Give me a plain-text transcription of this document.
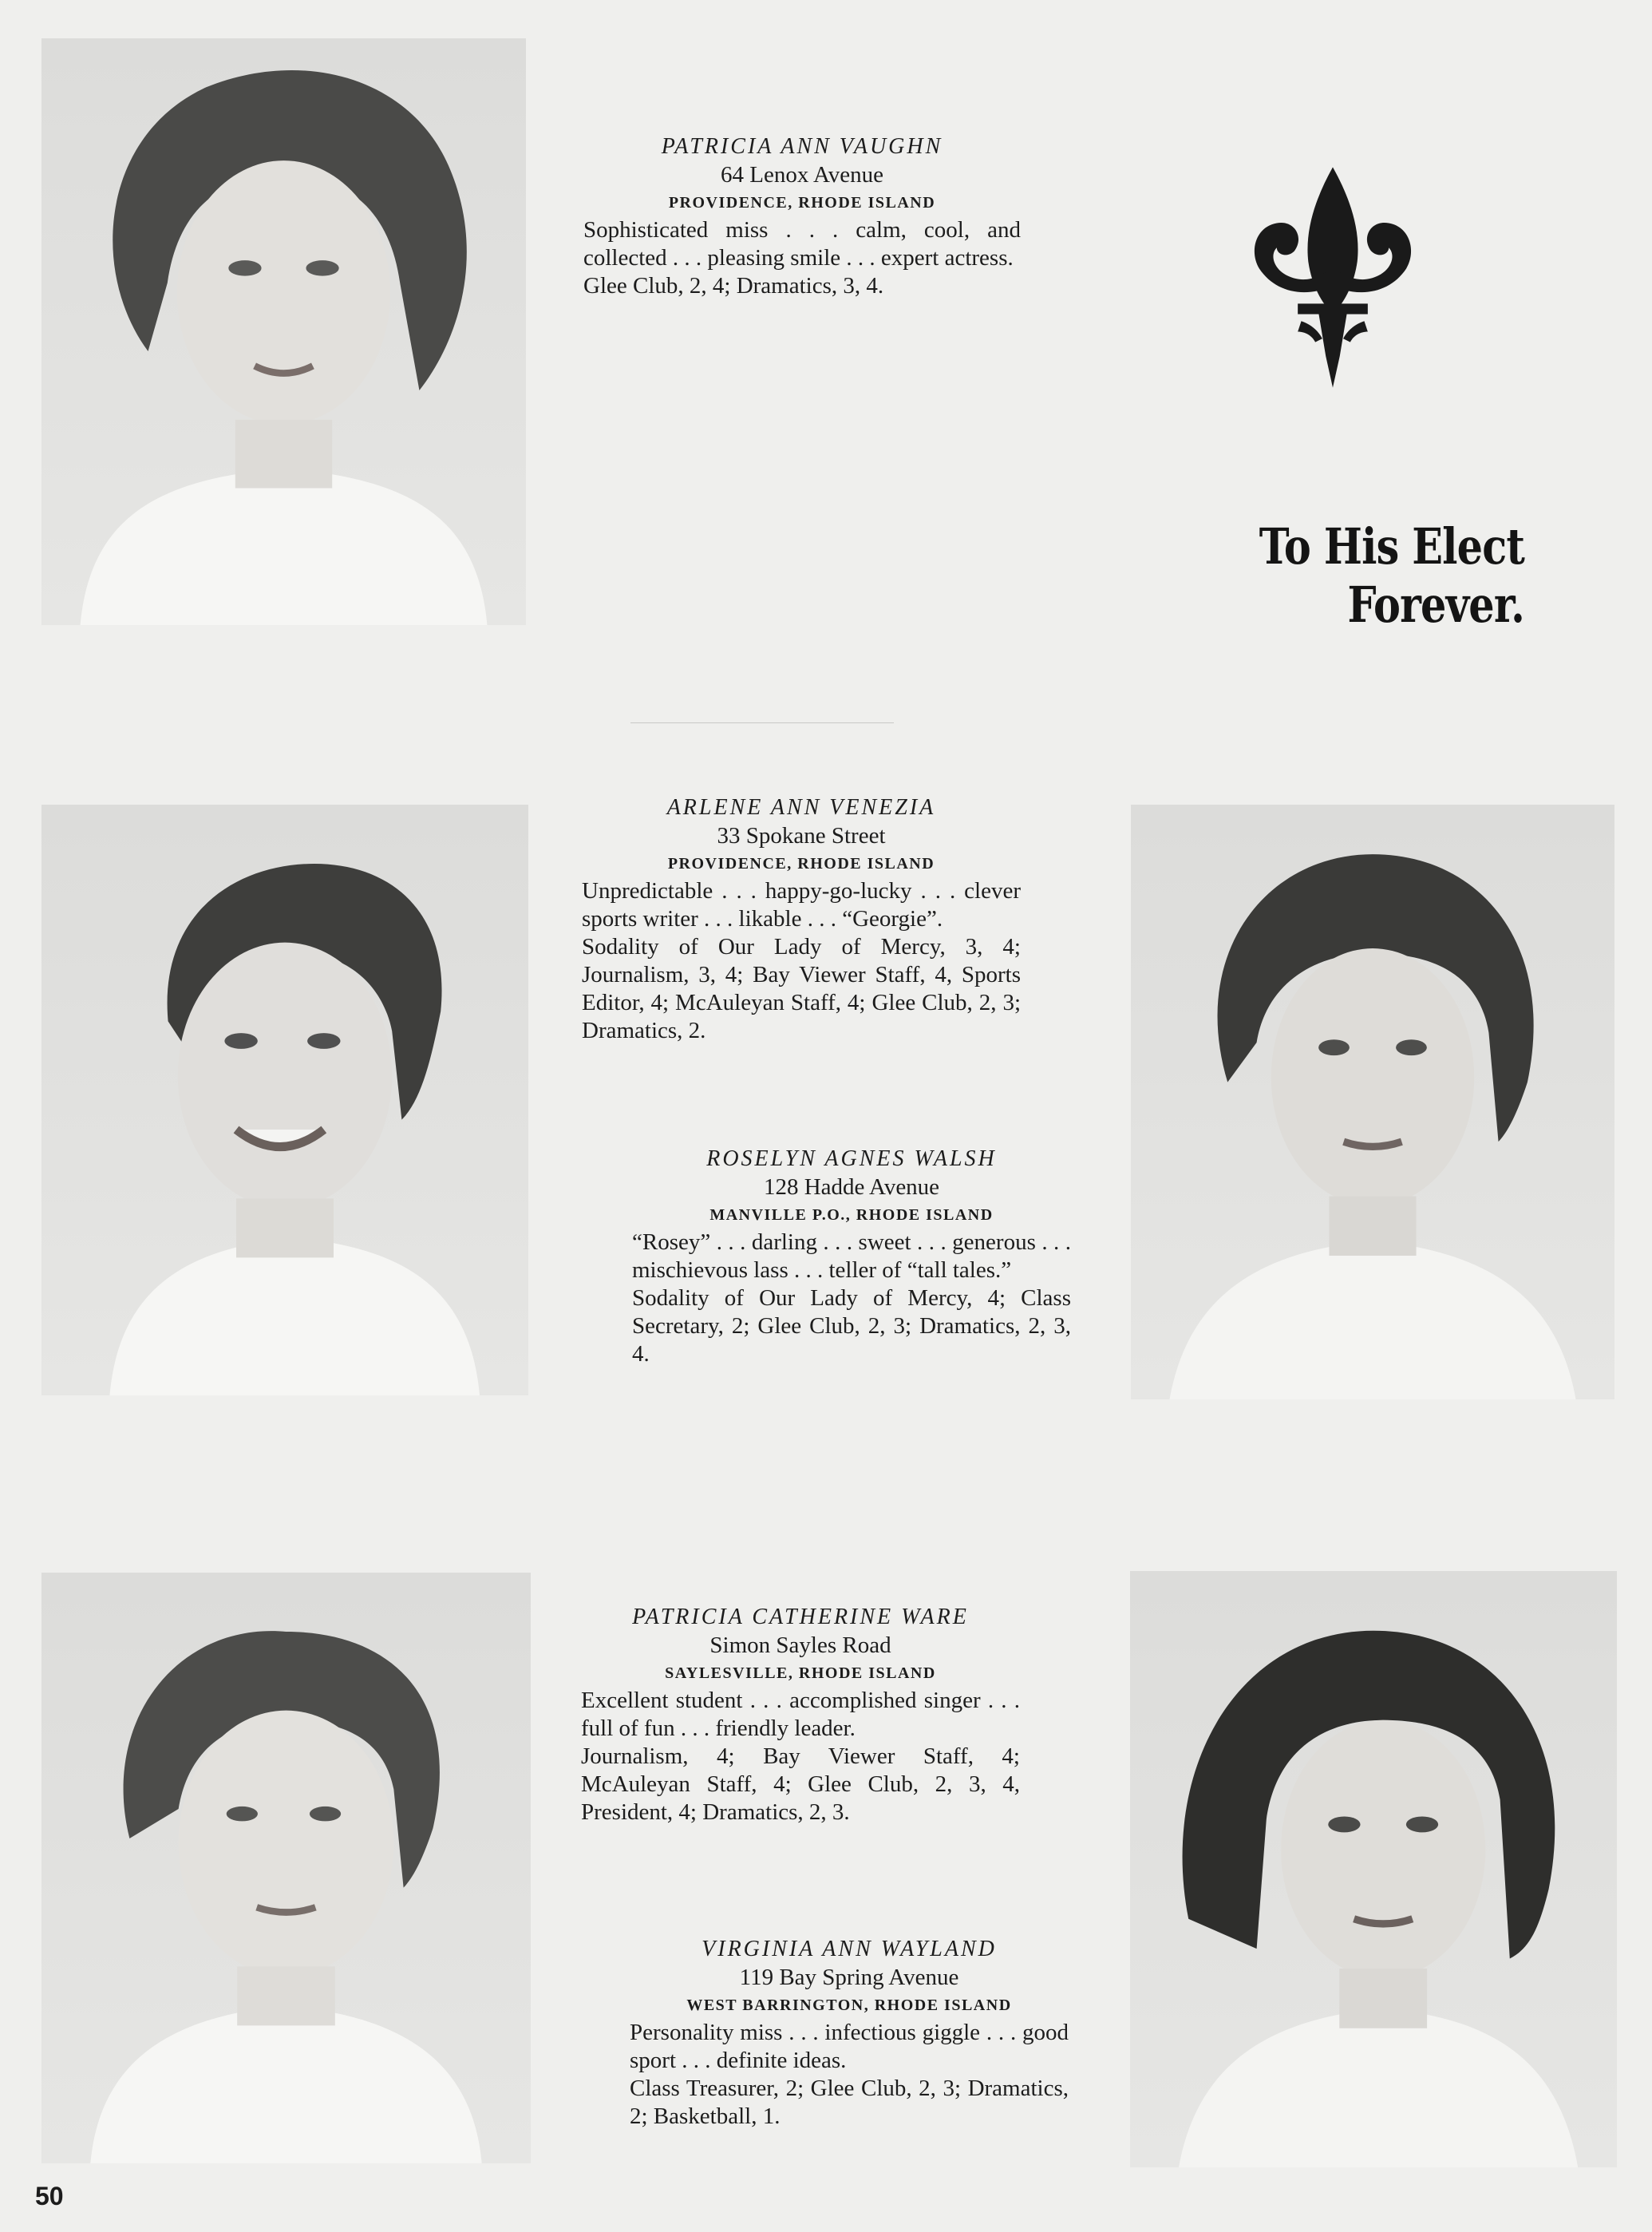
To His Elect Forever.
PATRICIA ANN VAUGHN
64 Lenox Avenue
PROVIDENCE, RHODE ISLAND
Sophisticated miss . . . calm, cool, and collected . . . pleasing smile . . . expert actress.
Glee Club, 2, 4; Dramatics, 3, 4.
ARLENE ANN VENEZIA
33 Spokane Street
PROVIDENCE, RHODE ISLAND
Unpredictable . . . happy-go-lucky . . . clever sports writer . . . likable . . . “Georgie”.
Sodality of Our Lady of Mercy, 3, 4; Journalism, 3, 4; Bay Viewer Staff, 4, Sports Editor, 4; McAuleyan Staff, 4; Glee Club, 2, 3; Dramatics, 2.
ROSELYN AGNES WALSH
128 Hadde Avenue
MANVILLE P.O., RHODE ISLAND
“Rosey” . . . darling . . . sweet . . . generous . . . mischievous lass . . . teller of “tall tales.”
Sodality of Our Lady of Mercy, 4; Class Secretary, 2; Glee Club, 2, 3; Dramatics, 2, 3, 4.
PATRICIA CATHERINE WARE
Simon Sayles Road
SAYLESVILLE, RHODE ISLAND
Excellent student . . . accomplished singer . . . full of fun . . . friendly leader.
Journalism, 4; Bay Viewer Staff, 4; McAuleyan Staff, 4; Glee Club, 2, 3, 4, President, 4; Dramatics, 2, 3.
VIRGINIA ANN WAYLAND
119 Bay Spring Avenue
WEST BARRINGTON, RHODE ISLAND
Personality miss . . . infectious giggle . . . good sport . . . definite ideas.
Class Treasurer, 2; Glee Club, 2, 3; Dramatics, 2; Basketball, 1.
50
